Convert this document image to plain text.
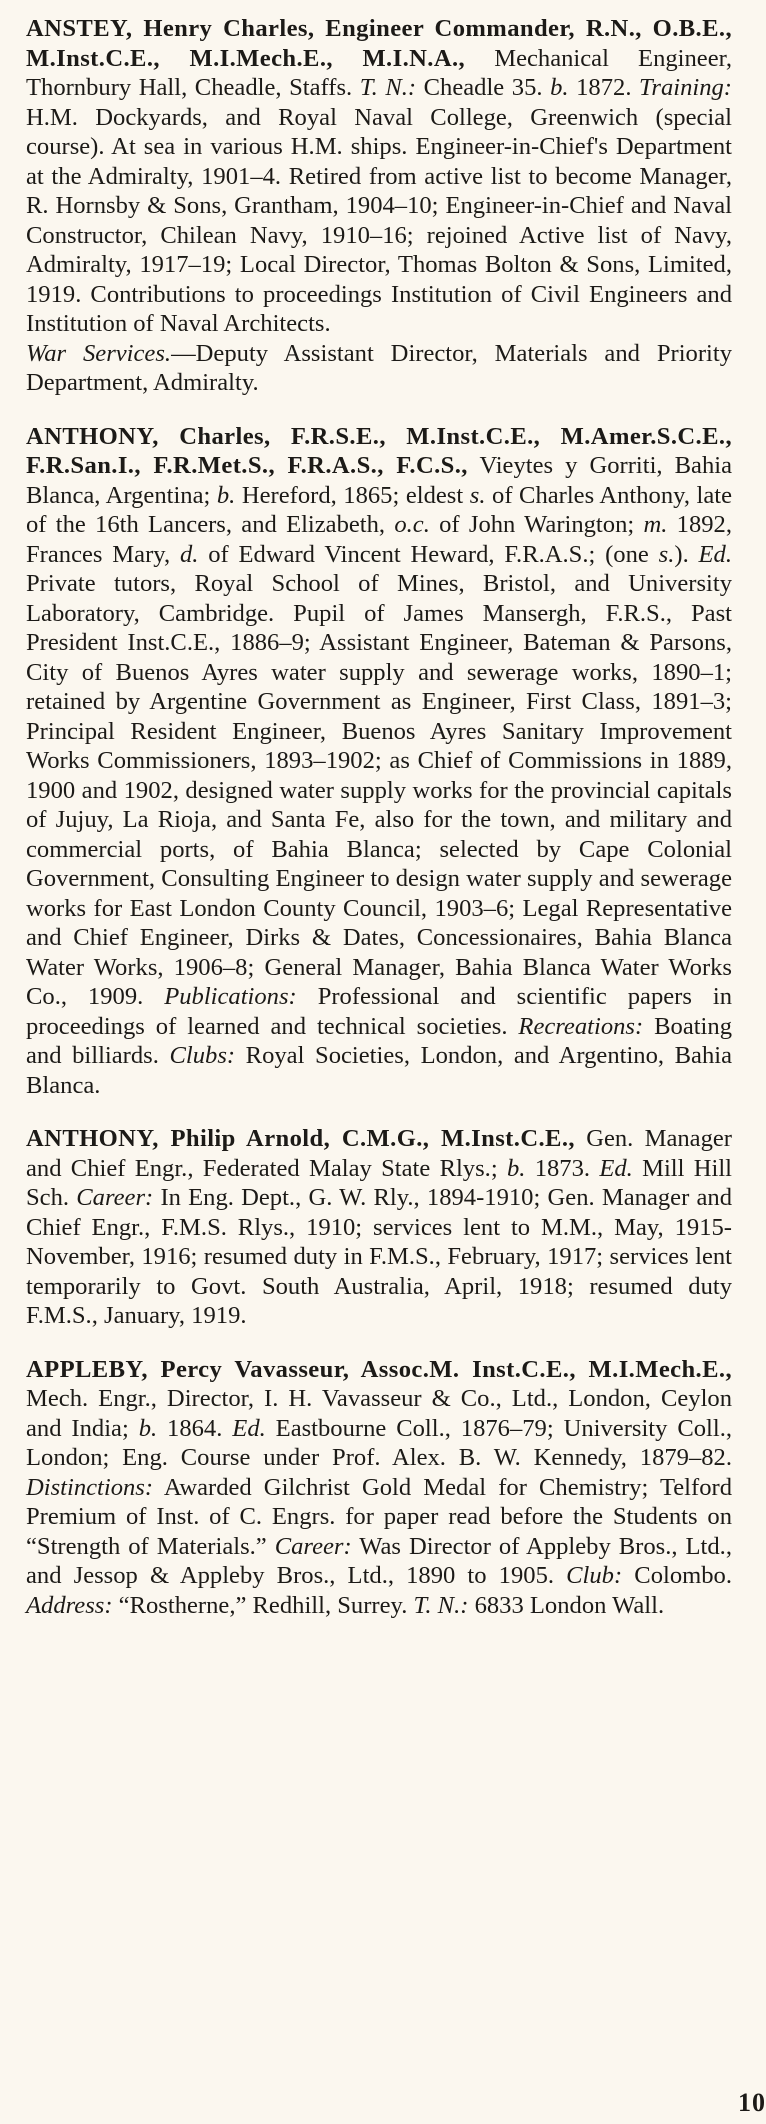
ANSTEY, Henry Charles, Engineer Commander, R.N., O.B.E., M.Inst.C.E., M.I.Mech.E., M.I.N.A., Mechanical Engineer, Thornbury Hall, Cheadle, Staffs. T. N.: Cheadle 35. b. 1872. Training: H.M. Dockyards, and Royal Naval College, Greenwich (special course). At sea in various H.M. ships. Engineer-in-Chief's Department at the Admiralty, 1901–4. Retired from active list to become Manager, R. Hornsby & Sons, Grantham, 1904–10; Engineer-in-Chief and Naval Constructor, Chilean Navy, 1910–16; rejoined Active list of Navy, Admiralty, 1917–19; Local Director, Thomas Bolton & Sons, Limited, 1919. Contributions to proceedings Institution of Civil Engineers and Institution of Naval Architects.

War Services.—Deputy Assistant Director, Materials and Priority Department, Admiralty.

ANTHONY, Charles, F.R.S.E., M.Inst.C.E., M.Amer.S.C.E., F.R.San.I., F.R.Met.S., F.R.A.S., F.C.S., Vieytes y Gorriti, Bahia Blanca, Argentina; b. Hereford, 1865; eldest s. of Charles Anthony, late of the 16th Lancers, and Elizabeth, o.c. of John Warington; m. 1892, Frances Mary, d. of Edward Vincent Heward, F.R.A.S.; (one s.). Ed. Private tutors, Royal School of Mines, Bristol, and University Laboratory, Cambridge. Pupil of James Mansergh, F.R.S., Past President Inst.C.E., 1886–9; Assistant Engineer, Bateman & Parsons, City of Buenos Ayres water supply and sewerage works, 1890–1; retained by Argentine Government as Engineer, First Class, 1891–3; Principal Resident Engineer, Buenos Ayres Sanitary Improvement Works Commissioners, 1893–1902; as Chief of Commissions in 1889, 1900 and 1902, designed water supply works for the provincial capitals of Jujuy, La Rioja, and Santa Fe, also for the town, and military and commercial ports, of Bahia Blanca; selected by Cape Colonial Government, Consulting Engineer to design water supply and sewerage works for East London County Council, 1903–6; Legal Representative and Chief Engineer, Dirks & Dates, Concessionaires, Bahia Blanca Water Works, 1906–8; General Manager, Bahia Blanca Water Works Co., 1909. Publications: Professional and scientific papers in proceedings of learned and technical societies. Recreations: Boating and billiards. Clubs: Royal Societies, London, and Argentino, Bahia Blanca.

ANTHONY, Philip Arnold, C.M.G., M.Inst.C.E., Gen. Manager and Chief Engr., Federated Malay State Rlys.; b. 1873. Ed. Mill Hill Sch. Career: In Eng. Dept., G. W. Rly., 1894-1910; Gen. Manager and Chief Engr., F.M.S. Rlys., 1910; services lent to M.M., May, 1915-November, 1916; resumed duty in F.M.S., February, 1917; services lent temporarily to Govt. South Australia, April, 1918; resumed duty F.M.S., January, 1919.

APPLEBY, Percy Vavasseur, Assoc.M. Inst.C.E., M.I.Mech.E., Mech. Engr., Director, I. H. Vavasseur & Co., Ltd., London, Ceylon and India; b. 1864. Ed. Eastbourne Coll., 1876–79; University Coll., London; Eng. Course under Prof. Alex. B. W. Kennedy, 1879–82. Distinctions: Awarded Gilchrist Gold Medal for Chemistry; Telford Premium of Inst. of C. Engrs. for paper read before the Students on “Strength of Materials.” Career: Was Director of Appleby Bros., Ltd., and Jessop & Appleby Bros., Ltd., 1890 to 1905. Club: Colombo. Address: “Rostherne,” Redhill, Surrey. T. N.: 6833 London Wall.

10
